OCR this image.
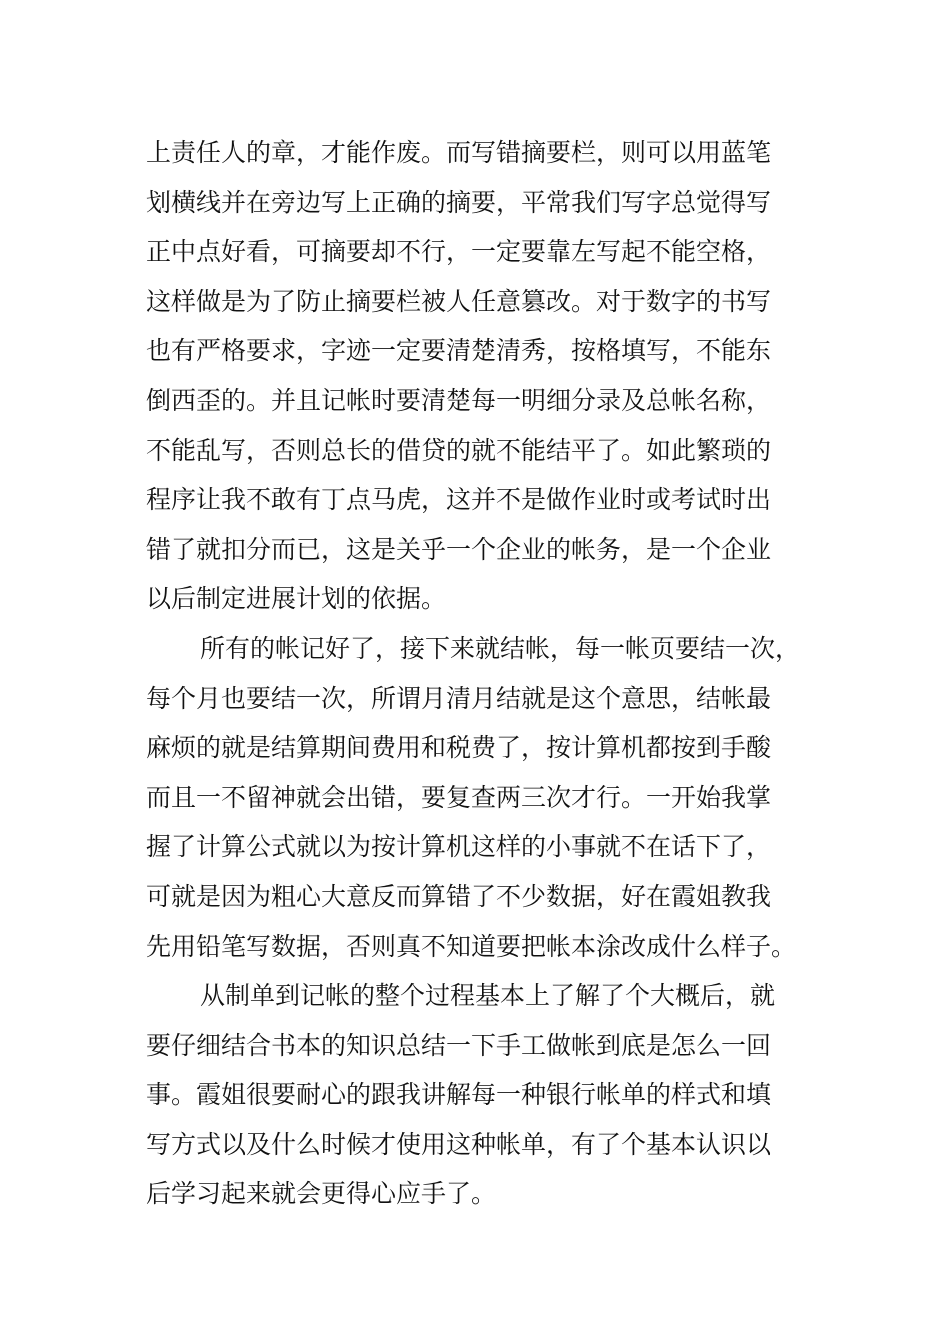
上责任人的章，才能作废。而写错摘要栏，则可以用蓝笔
划横线并在旁边写上正确的摘要，平常我们写字总觉得写
正中点好看，可摘要却不行，一定要靠左写起不能空格，
这样做是为了防止摘要栏被人任意篡改。对于数字的书写
也有严格要求，字迹一定要清楚清秀，按格填写，不能东
倒西歪的。并且记帐时要清楚每一明细分录及总帐名称，
不能乱写，否则总长的借贷的就不能结平了。如此繁琐的
程序让我不敢有丁点马虎，这并不是做作业时或考试时出
错了就扣分而已，这是关乎一个企业的帐务，是一个企业
以后制定进展计划的依据。
所有的帐记好了，接下来就结帐，每一帐页要结一次，
每个月也要结一次，所谓月清月结就是这个意思，结帐最
麻烦的就是结算期间费用和税费了，按计算机都按到手酸
而且一不留神就会出错，要复查两三次才行。一开始我掌
握了计算公式就以为按计算机这样的小事就不在话下了，
可就是因为粗心大意反而算错了不少数据，好在霞姐教我
先用铅笔写数据，否则真不知道要把帐本涂改成什么样子。
从制单到记帐的整个过程基本上了解了个大概后，就
要仔细结合书本的知识总结一下手工做帐到底是怎么一回
事。霞姐很要耐心的跟我讲解每一种银行帐单的样式和填
写方式以及什么时候才使用这种帐单，有了个基本认识以
后学习起来就会更得心应手了。
